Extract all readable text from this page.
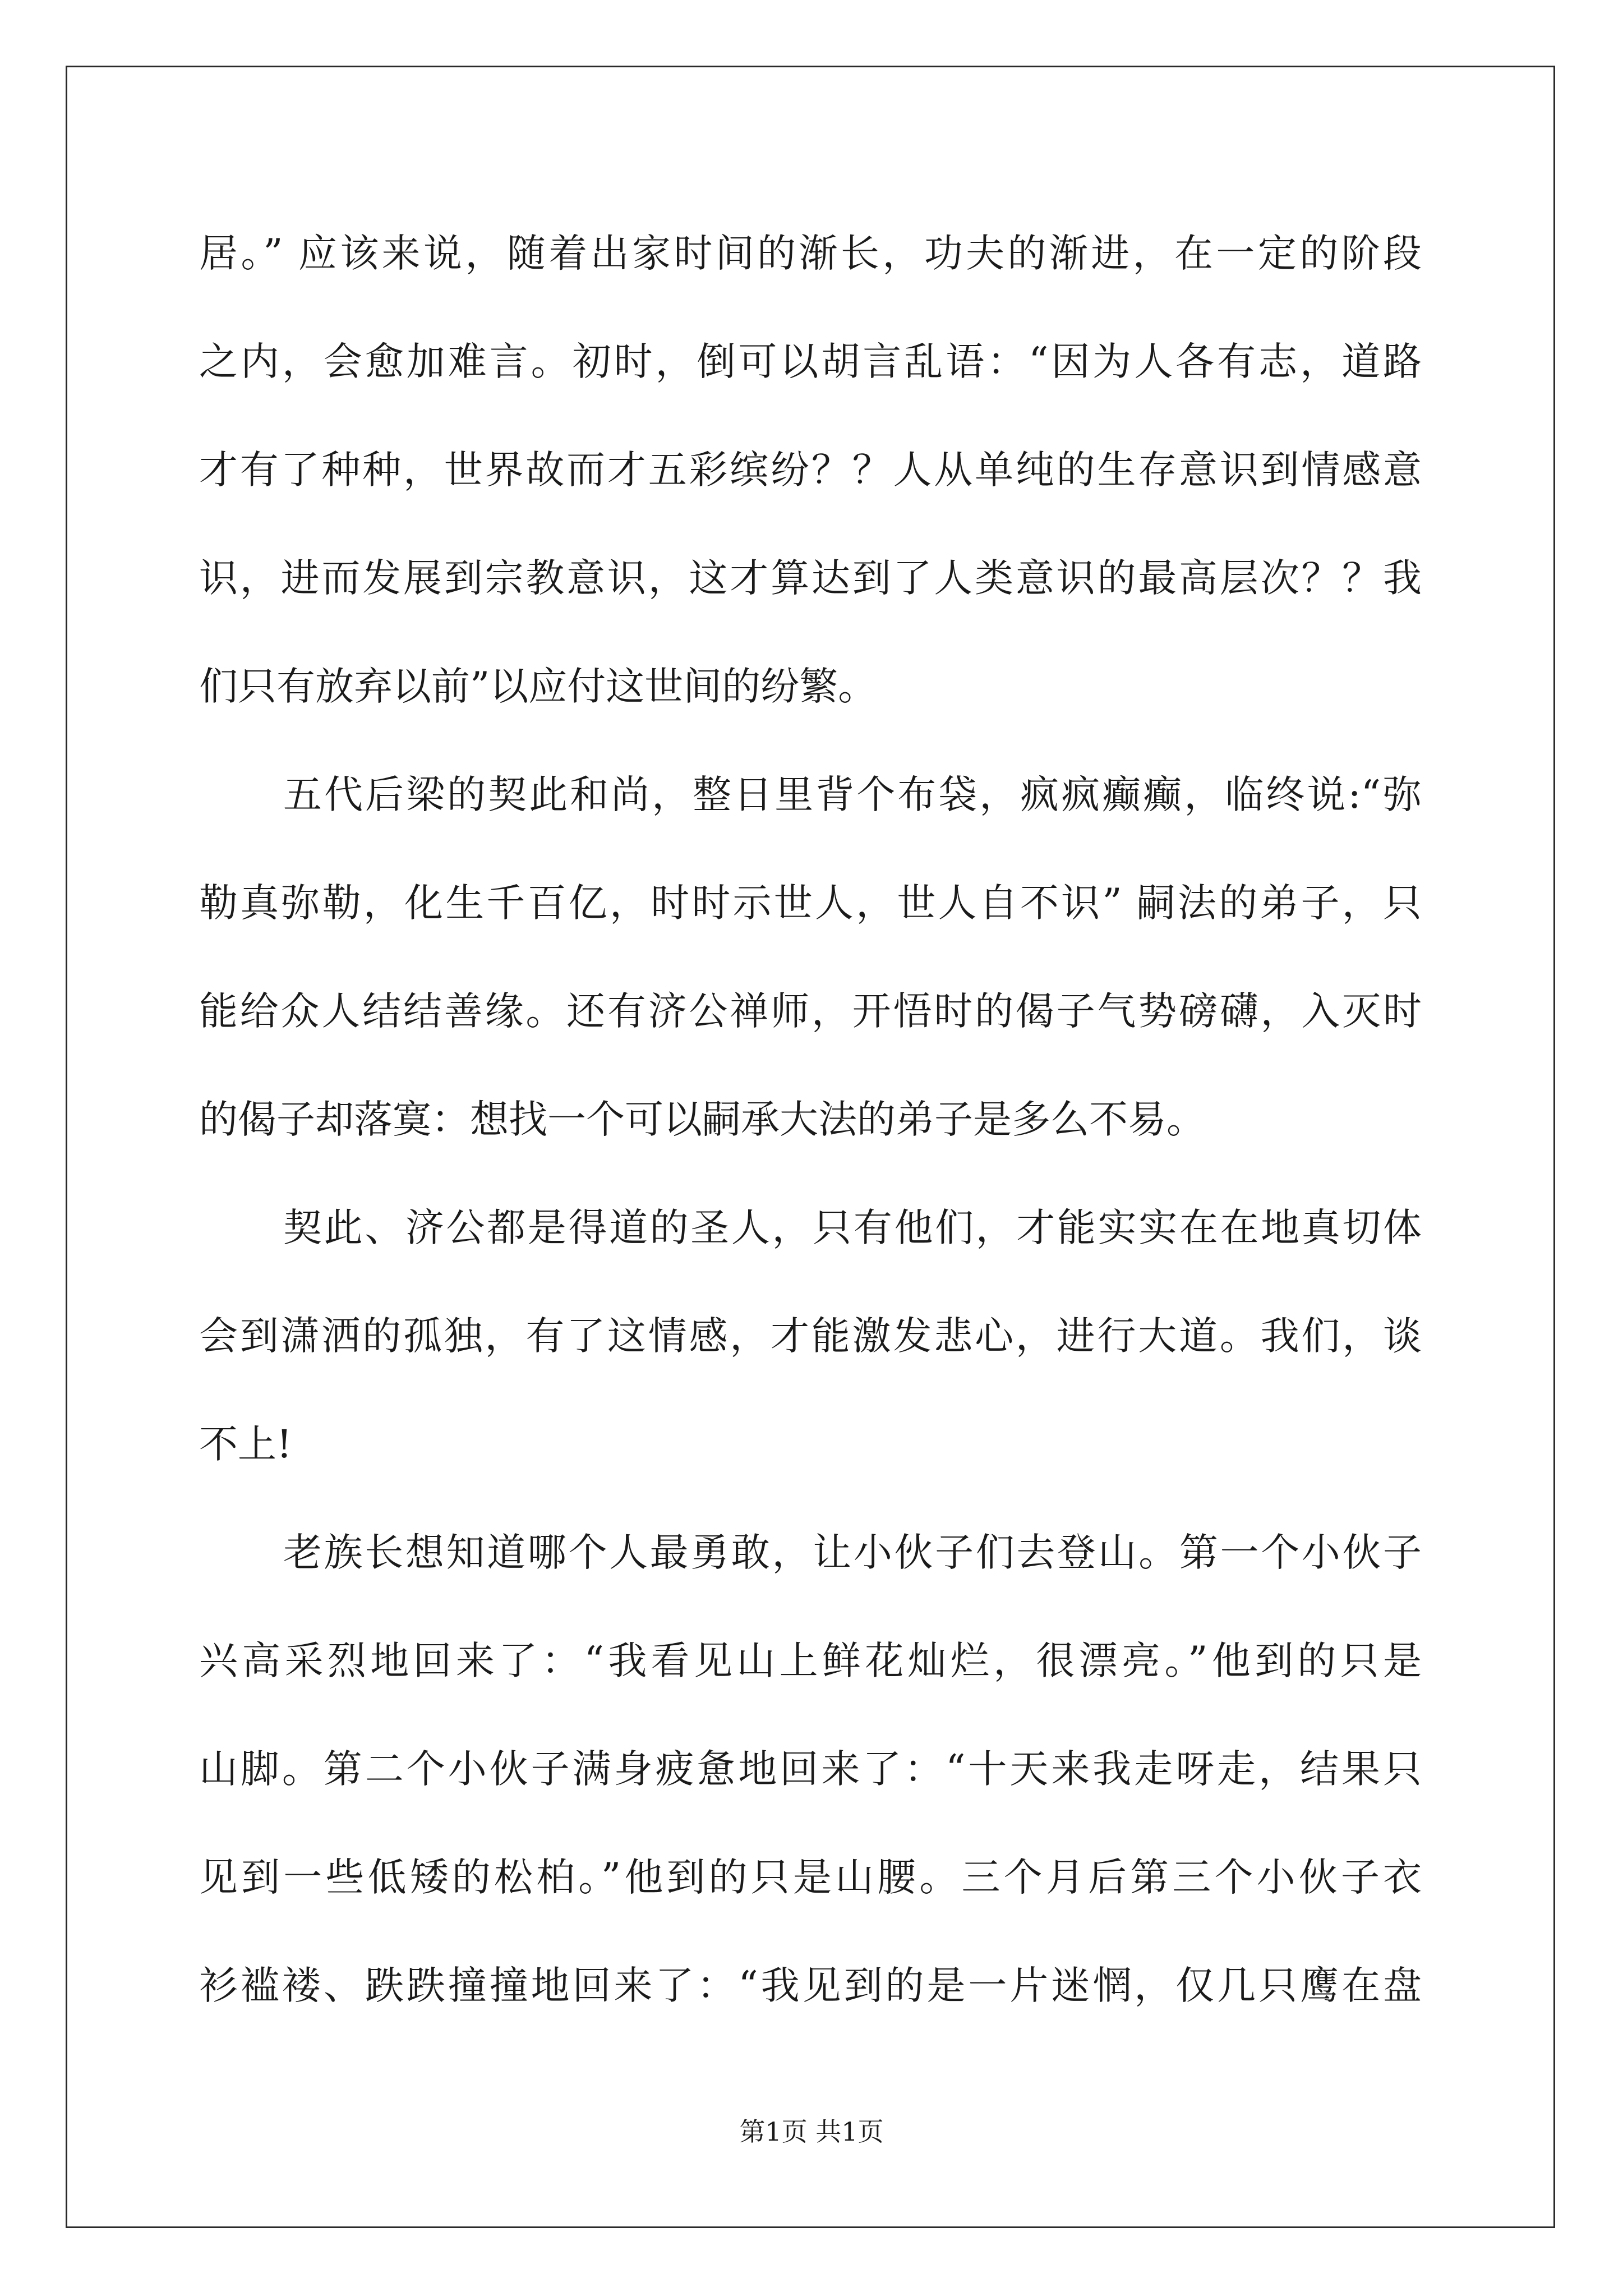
居。” 应该来说，随着出家时间的渐长，功夫的渐进，在一定的阶段
之内，会愈加难言。初时，倒可以胡言乱语：“因为人各有志，道路
才有了种种，世界故而才五彩缤纷？？人从单纯的生存意识到情感意
识，进而发展到宗教意识，这才算达到了人类意识的最高层次？？我
们只有放弃以前”以应付这世间的纷繁。
五代后梁的契此和尚，整日里背个布袋，疯疯癫癫，临终说:“弥
勒真弥勒，化生千百亿，时时示世人，世人自不识” 嗣法的弟子，只
能给众人结结善缘。还有济公禅师，开悟时的偈子气势磅礴，入灭时
的偈子却落寞：想找一个可以嗣承大法的弟子是多么不易。
契此、济公都是得道的圣人，只有他们，才能实实在在地真切体
会到潇洒的孤独，有了这情感，才能激发悲心，进行大道。我们，谈
不上!
老族长想知道哪个人最勇敢，让小伙子们去登山。第一个小伙子
兴高采烈地回来了：“我看见山上鲜花灿烂，很漂亮。”他到的只是
山脚。第二个小伙子满身疲惫地回来了：“十天来我走呀走，结果只
见到一些低矮的松柏。”他到的只是山腰。三个月后第三个小伙子衣
衫褴褛、跌跌撞撞地回来了：“我见到的是一片迷惘，仅几只鹰在盘
第1页 共1页
